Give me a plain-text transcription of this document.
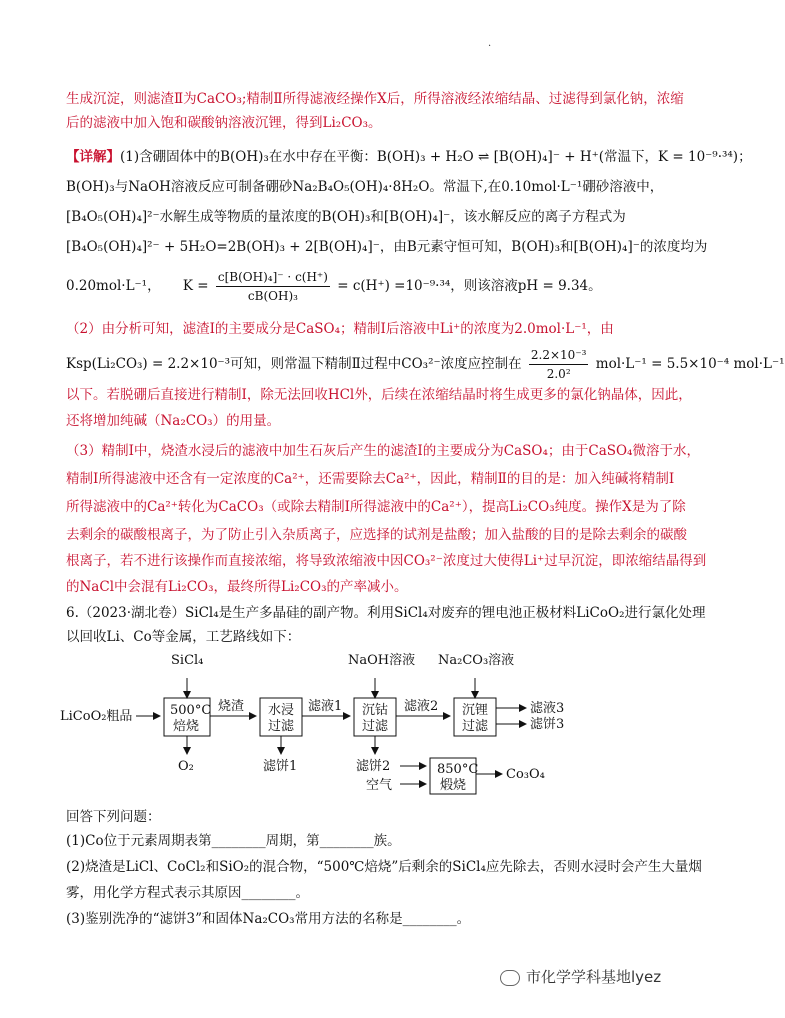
.
生成沉淀，则滤渣Ⅱ为CaCO₃;精制Ⅱ所得滤液经操作X后，所得溶液经浓缩结晶、过滤得到氯化钠，浓缩
后的滤液中加入饱和碳酸钠溶液沉锂，得到Li₂CO₃。
【详解】(1)含硼固体中的B(OH)₃在水中存在平衡：B(OH)₃ + H₂O ⇌ [B(OH)₄]⁻ + H⁺(常温下，K = 10⁻⁹·³⁴)；
B(OH)₃与NaOH溶液反应可制备硼砂Na₂B₄O₅(OH)₄·8H₂O。常温下,在0.10mol·L⁻¹硼砂溶液中，
[B₄O₅(OH)₄]²⁻水解生成等物质的量浓度的B(OH)₃和[B(OH)₄]⁻，该水解反应的离子方程式为
[B₄O₅(OH)₄]²⁻ + 5H₂O=2B(OH)₃ + 2[B(OH)₄]⁻，由B元素守恒可知，B(OH)₃和[B(OH)₄]⁻的浓度均为
0.20mol·L⁻¹， $K = \frac{\text{c[B(OH)₄]⁻ · c(H⁺)}}{\text{cB(OH)₃}} = c(H^+) =10^{-9}\cdot^{34}$，则该溶液pH = 9.34。
（2）由分析可知，滤渣Ⅰ的主要成分是CaSO₄；精制Ⅰ后溶液中Li⁺的浓度为2.0mol·L⁻¹，由
Ksp(Li₂CO₃) = 2.2×10⁻³可知，则常温下精制Ⅱ过程中CO₃²⁻浓度应控制在 $\frac{\text{2.2×10⁻³}}{\text{2.0²}} mol\cdot L^{-1} = 5.5\times 10^{-4}$ mol·L⁻¹
以下。若脱硼后直接进行精制Ⅰ，除无法回收HCl外，后续在浓缩结晶时将生成更多的氯化钠晶体，因此，
还将增加纯碱（Na₂CO₃）的用量。
（3）精制Ⅰ中，烧渣水浸后的滤液中加生石灰后产生的滤渣Ⅰ的主要成分为CaSO₄；由于CaSO₄微溶于水，
精制Ⅰ所得滤液中还含有一定浓度的Ca²⁺，还需要除去Ca²⁺，因此，精制Ⅱ的目的是：加入纯碱将精制Ⅰ
所得滤液中的Ca²⁺转化为CaCO₃（或除去精制Ⅰ所得滤液中的Ca²⁺），提高Li₂CO₃纯度。操作X是为了除
去剩余的碳酸根离子，为了防止引入杂质离子，应选择的试剂是盐酸；加入盐酸的目的是除去剩余的碳酸
根离子，若不进行该操作而直接浓缩，将导致浓缩液中因CO₃²⁻浓度过大使得Li⁺过早沉淀，即浓缩结晶得到
的NaCl中会混有Li₂CO₃，最终所得Li₂CO₃的产率减小。
6.（2023·湖北卷）SiCl₄是生产多晶硅的副产物。利用SiCl₄对废弃的锂电池正极材料LiCoO₂进行氯化处理
以回收Li、Co等金属，工艺路线如下：
SiCl₄	NaOH溶液 Na₂CO₃溶液
LiCoO₂粗品	500°C
焙烧
烧渣 水浸
过滤
滤液1 沉钴
过滤
滤液2 沉锂
过滤
滤液3
滤饼3
O₂	滤饼1	滤饼2
空气
850°C
煅烧
Co₃O₄
回答下列问题：
(1)Co位于元素周期表第________周期，第________族。
(2)烧渣是LiCl、CoCl₂和SiO₂的混合物，“500℃焙烧”后剩余的SiCl₄应先除去，否则水浸时会产生大量烟
雾，用化学方程式表示其原因________。
(3)鉴别洗净的“滤饼3”和固体Na₂CO₃常用方法的名称是________。
市化学学科基地lyez
